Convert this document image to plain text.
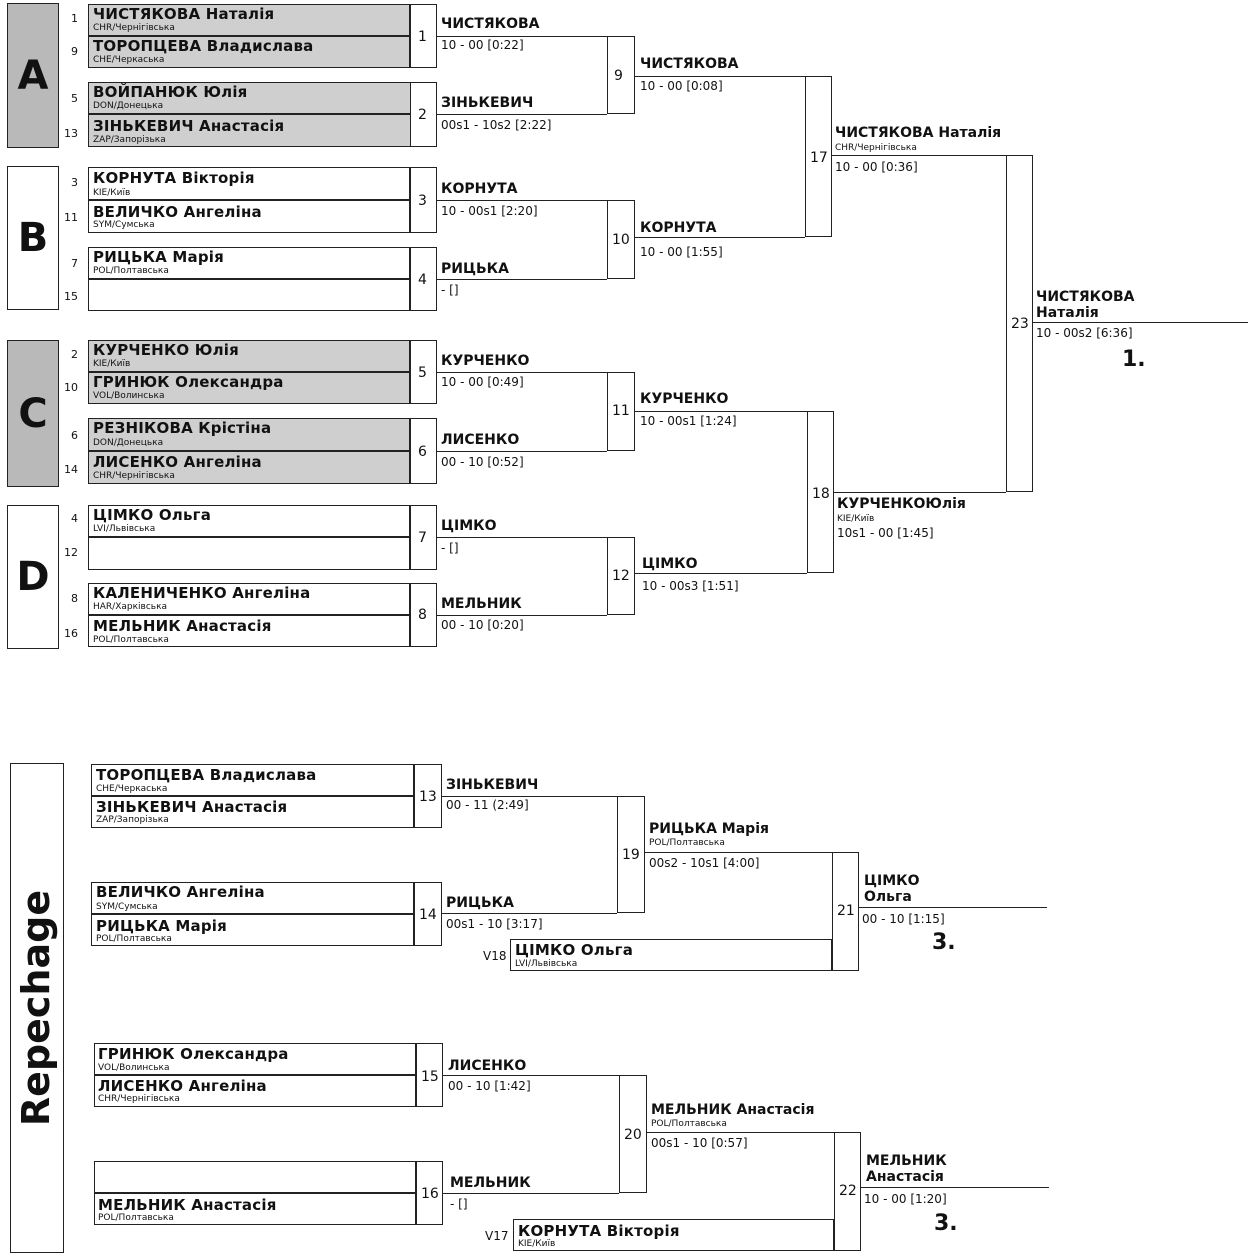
A
B
C
D
1 ЧИСТЯКОВА Наталія
CHR/Чернігівська
9 ТОРОПЦЕВА Владислава
CHE/Черкаська
1
5 ВОЙПАНЮК Юлія
DON/Донецька
13 ЗІНЬКЕВИЧ Анастасія
ZAP/Запорізька
2
3 КОРНУТА Вікторія
KIE/Київ
11 ВЕЛИЧКО Ангеліна
SYM/Сумська
3
7 РИЦЬКА Марія
POL/Полтавська
15
4
2 КУРЧЕНКО Юлія
KIE/Київ
10 ГРИНЮК Олександра
VOL/Волинська
5
6 РЕЗНІКОВА Крістіна
DON/Донецька
14 ЛИСЕНКО Ангеліна
CHR/Чернігівська
6
4 ЦІМКО Ольга
LVI/Львівська
12
7
8 КАЛЕНИЧЕНКО Ангеліна
HAR/Харківська
16 МЕЛЬНИК Анастасія
POL/Полтавська
8
ЧИСТЯКОВА
10 - 00 [0:22]
ЗІНЬКЕВИЧ
00s1 - 10s2 [2:22]
КОРНУТА
10 - 00s1 [2:20]
РИЦЬКА
- []
КУРЧЕНКО
10 - 00 [0:49]
ЛИСЕНКО
00 - 10 [0:52]
ЦІМКО
- []
МЕЛЬНИК
00 - 10 [0:20]
9
10
11
12
ЧИСТЯКОВА
10 - 00 [0:08]
КОРНУТА
10 - 00 [1:55]
КУРЧЕНКО
10 - 00s1 [1:24]
ЦІМКО
10 - 00s3 [1:51]
17
18
ЧИСТЯКОВА Наталія
CHR/Чернігівська
10 - 00 [0:36]
КУРЧЕНКОЮлія
KIE/Київ
10s1 - 00 [1:45]
23
ЧИСТЯКОВА
Наталія
10 - 00s2 [6:36]
1.
Repechage
ТОРОПЦЕВА Владислава
CHE/Черкаська
ЗІНЬКЕВИЧ Анастасія
ZAP/Запорізька
13
ЗІНЬКЕВИЧ
00 - 11 (2:49]
ВЕЛИЧКО Ангеліна
SYM/Сумська
РИЦЬКА Марія
POL/Полтавська
14
РИЦЬКА
00s1 - 10 [3:17]
19
РИЦЬКА Марія
POL/Полтавська
00s2 - 10s1 [4:00]
V18 ЦІМКО Ольга
LVI/Львівська
21
ЦІМКО
Ольга
00 - 10 [1:15]
3.
ГРИНЮК Олександра
VOL/Волинська
ЛИСЕНКО Ангеліна
CHR/Чернігівська
15
ЛИСЕНКО
00 - 10 [1:42]
МЕЛЬНИК Анастасія
POL/Полтавська
16
МЕЛЬНИК
- []
20
МЕЛЬНИК Анастасія
POL/Полтавська
00s1 - 10 [0:57]
V17 КОРНУТА Вікторія
KIE/Київ
22
МЕЛЬНИК
Анастасія
10 - 00 [1:20]
3.
